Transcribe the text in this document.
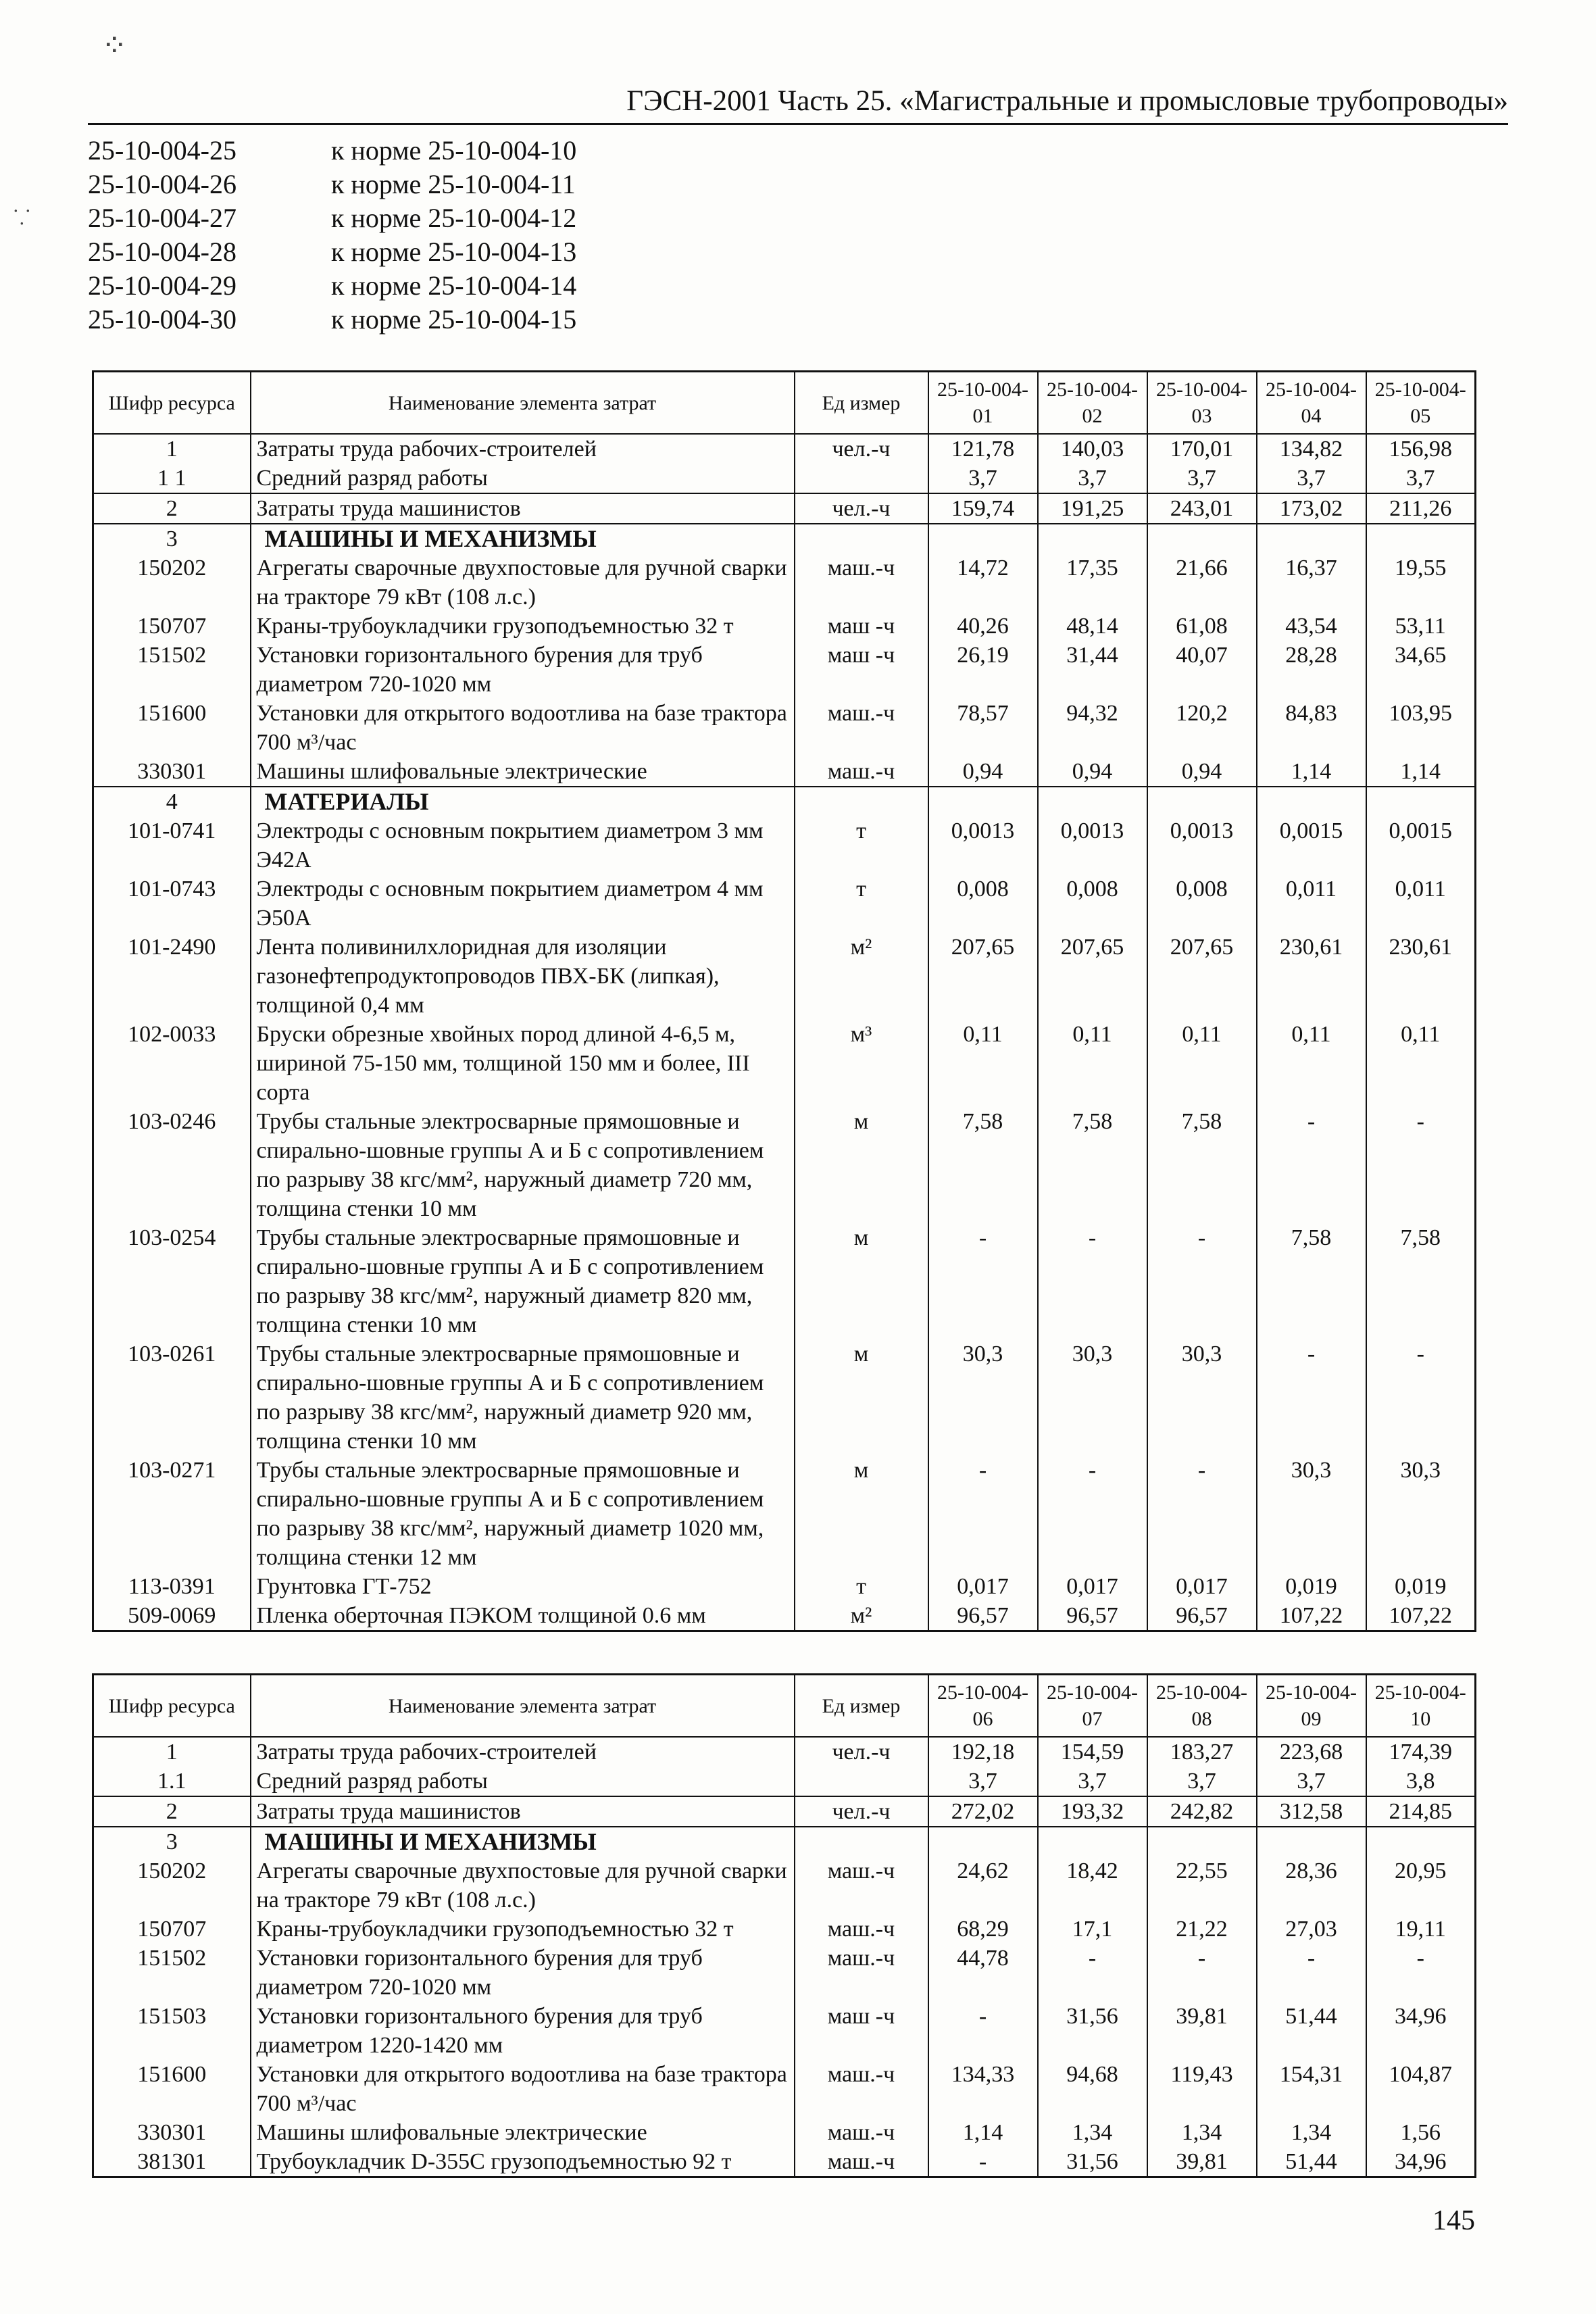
ГЭСН-2001 Часть 25. «Магистральные и промысловые трубопроводы»
⁘
⸪
25-10-004-25	к норме 25-10-004-10
25-10-004-26	к норме 25-10-004-11
25-10-004-27	к норме 25-10-004-12
25-10-004-28	к норме 25-10-004-13
25-10-004-29	к норме 25-10-004-14
25-10-004-30	к норме 25-10-004-15
Шифр ресурса	Наименование элемента затрат	Ед измер	25-10-004-01	25-10-004-02	25-10-004-03	25-10-004-04	25-10-004-05
1	Затраты труда рабочих-строителей	чел.-ч	121,78	140,03	170,01	134,82	156,98
1 1	Средний разряд работы		3,7	3,7	3,7	3,7	3,7
2	Затраты труда машинистов	чел.-ч	159,74	191,25	243,01	173,02	211,26
3	МАШИНЫ И МЕХАНИЗМЫ						
150202	Агрегаты сварочные двухпостовые для ручной сварки на тракторе 79 кВт (108 л.с.)	маш.-ч	14,72	17,35	21,66	16,37	19,55
150707	Краны-трубоукладчики грузоподъемностью 32 т	маш -ч	40,26	48,14	61,08	43,54	53,11
151502	Установки горизонтального бурения для труб диаметром 720-1020 мм	маш -ч	26,19	31,44	40,07	28,28	34,65
151600	Установки для открытого водоотлива на базе трактора 700 м³/час	маш.-ч	78,57	94,32	120,2	84,83	103,95
330301	Машины шлифовальные электрические	маш.-ч	0,94	0,94	0,94	1,14	1,14
4	МАТЕРИАЛЫ						
101-0741	Электроды с основным покрытием диаметром 3 мм Э42А	т	0,0013	0,0013	0,0013	0,0015	0,0015
101-0743	Электроды с основным покрытием диаметром 4 мм Э50А	т	0,008	0,008	0,008	0,011	0,011
101-2490	Лента поливинилхлоридная для изоляции газонефтепродуктопроводов ПВХ-БК (липкая), толщиной 0,4 мм	м²	207,65	207,65	207,65	230,61	230,61
102-0033	Бруски обрезные хвойных пород длиной 4-6,5 м, шириной 75-150 мм, толщиной 150 мм и более, III сорта	м³	0,11	0,11	0,11	0,11	0,11
103-0246	Трубы стальные электросварные прямошовные и спирально-шовные группы А и Б с сопротивлением по разрыву 38 кгс/мм², наружный диаметр 720 мм, толщина стенки 10 мм	м	7,58	7,58	7,58	-	-
103-0254	Трубы стальные электросварные прямошовные и спирально-шовные группы А и Б с сопротивлением по разрыву 38 кгс/мм², наружный диаметр 820 мм, толщина стенки 10 мм	м	-	-	-	7,58	7,58
103-0261	Трубы стальные электросварные прямошовные и спирально-шовные группы А и Б с сопротивлением по разрыву 38 кгс/мм², наружный диаметр 920 мм, толщина стенки 10 мм	м	30,3	30,3	30,3	-	-
103-0271	Трубы стальные электросварные прямошовные и спирально-шовные группы А и Б с сопротивлением по разрыву 38 кгс/мм², наружный диаметр 1020 мм, толщина стенки 12 мм	м	-	-	-	30,3	30,3
113-0391	Грунтовка ГТ-752	т	0,017	0,017	0,017	0,019	0,019
509-0069	Пленка оберточная ПЭКОМ толщиной 0.6 мм	м²	96,57	96,57	96,57	107,22	107,22
Шифр ресурса	Наименование элемента затрат	Ед измер	25-10-004-06	25-10-004-07	25-10-004-08	25-10-004-09	25-10-004-10
1	Затраты труда рабочих-строителей	чел.-ч	192,18	154,59	183,27	223,68	174,39
1.1	Средний разряд работы		3,7	3,7	3,7	3,7	3,8
2	Затраты труда машинистов	чел.-ч	272,02	193,32	242,82	312,58	214,85
3	МАШИНЫ И МЕХАНИЗМЫ						
150202	Агрегаты сварочные двухпостовые для ручной сварки на тракторе 79 кВт (108 л.с.)	маш.-ч	24,62	18,42	22,55	28,36	20,95
150707	Краны-трубоукладчики грузоподъемностью 32 т	маш.-ч	68,29	17,1	21,22	27,03	19,11
151502	Установки горизонтального бурения для труб диаметром 720-1020 мм	маш.-ч	44,78	-	-	-	-
151503	Установки горизонтального бурения для труб диаметром 1220-1420 мм	маш -ч	-	31,56	39,81	51,44	34,96
151600	Установки для открытого водоотлива на базе трактора 700 м³/час	маш.-ч	134,33	94,68	119,43	154,31	104,87
330301	Машины шлифовальные электрические	маш.-ч	1,14	1,34	1,34	1,34	1,56
381301	Трубоукладчик D-355C грузоподъемностью 92 т	маш.-ч	-	31,56	39,81	51,44	34,96
145
